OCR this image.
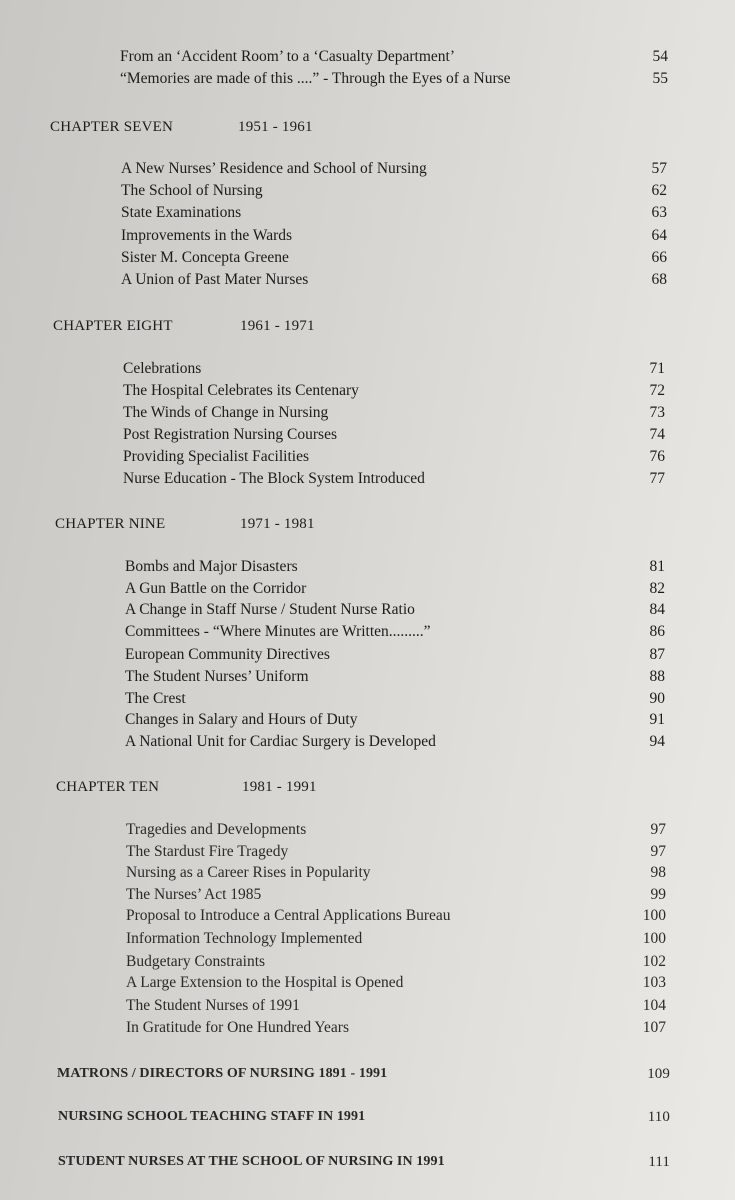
From an ‘Accident Room’ to a ‘Casualty Department’	54
“Memories are made of this ....” - Through the Eyes of a Nurse	55
CHAPTER SEVEN	1951 - 1961
A New Nurses’ Residence and School of Nursing	57
The School of Nursing	62
State Examinations	63
Improvements in the Wards	64
Sister M. Concepta Greene	66
A Union of Past Mater Nurses	68
CHAPTER EIGHT	1961 - 1971
Celebrations	71
The Hospital Celebrates its Centenary	72
The Winds of Change in Nursing	73
Post Registration Nursing Courses	74
Providing Specialist Facilities	76
Nurse Education - The Block System Introduced	77
CHAPTER NINE	1971 - 1981
Bombs and Major Disasters	81
A Gun Battle on the Corridor	82
A Change in Staff Nurse / Student Nurse Ratio	84
Committees - “Where Minutes are Written.........”	86
European Community Directives	87
The Student Nurses’ Uniform	88
The Crest	90
Changes in Salary and Hours of Duty	91
A National Unit for Cardiac Surgery is Developed	94
CHAPTER TEN	1981 - 1991
Tragedies and Developments	97
The Stardust Fire Tragedy	97
Nursing as a Career Rises in Popularity	98
The Nurses’ Act 1985	99
Proposal to Introduce a Central Applications Bureau	100
Information Technology Implemented	100
Budgetary Constraints	102
A Large Extension to the Hospital is Opened	103
The Student Nurses of 1991	104
In Gratitude for One Hundred Years	107
MATRONS / DIRECTORS OF NURSING 1891 - 1991	109
NURSING SCHOOL TEACHING STAFF IN 1991	110
STUDENT NURSES AT THE SCHOOL OF NURSING IN 1991	111
